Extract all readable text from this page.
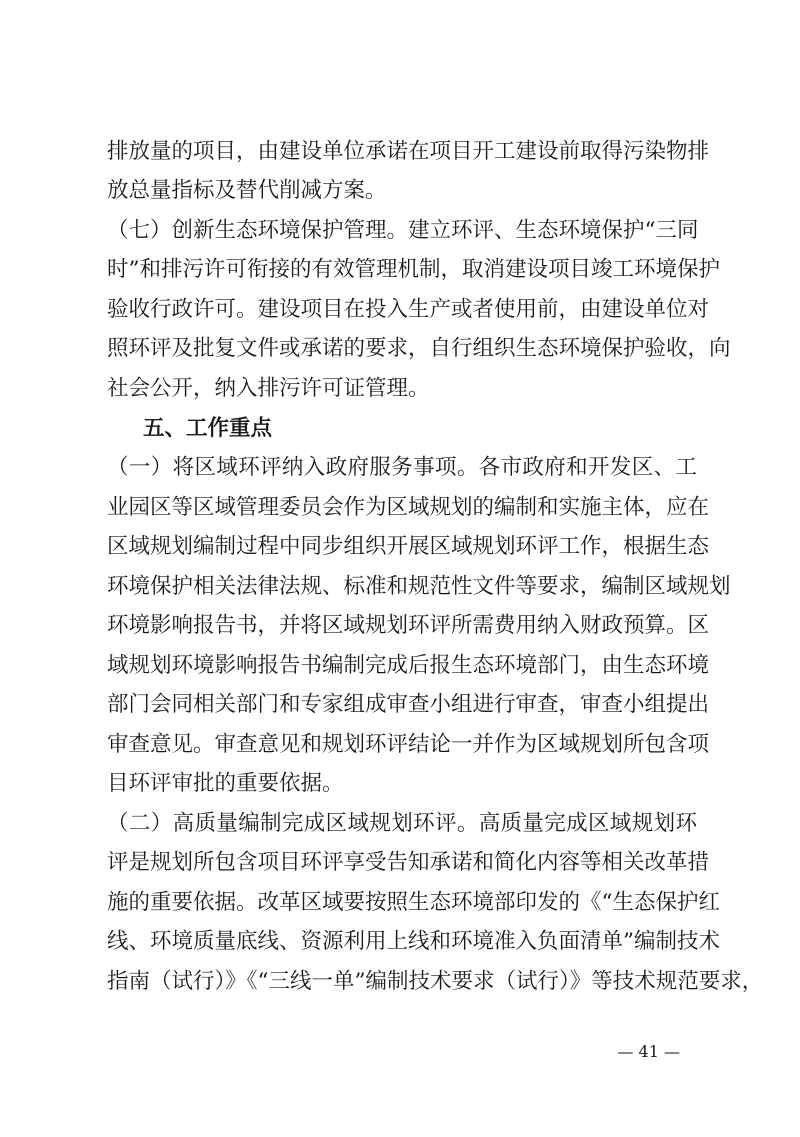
排放量的项目，由建设单位承诺在项目开工建设前取得污染物排
放总量指标及替代削减方案。
（七）创新生态环境保护管理。建立环评、生态环境保护“三同
时”和排污许可衔接的有效管理机制，取消建设项目竣工环境保护
验收行政许可。建设项目在投入生产或者使用前，由建设单位对
照环评及批复文件或承诺的要求，自行组织生态环境保护验收，向
社会公开，纳入排污许可证管理。
五、工作重点
（一）将区域环评纳入政府服务事项。各市政府和开发区、工
业园区等区域管理委员会作为区域规划的编制和实施主体，应在
区域规划编制过程中同步组织开展区域规划环评工作，根据生态
环境保护相关法律法规、标准和规范性文件等要求，编制区域规划
环境影响报告书，并将区域规划环评所需费用纳入财政预算。区
域规划环境影响报告书编制完成后报生态环境部门，由生态环境
部门会同相关部门和专家组成审查小组进行审查，审查小组提出
审查意见。审查意见和规划环评结论一并作为区域规划所包含项
目环评审批的重要依据。
（二）高质量编制完成区域规划环评。高质量完成区域规划环
评是规划所包含项目环评享受告知承诺和简化内容等相关改革措
施的重要依据。改革区域要按照生态环境部印发的《“生态保护红
线、环境质量底线、资源利用上线和环境准入负面清单”编制技术
指南（试行）》《“三线一单”编制技术要求（试行）》等技术规范要求，
— 41 —
